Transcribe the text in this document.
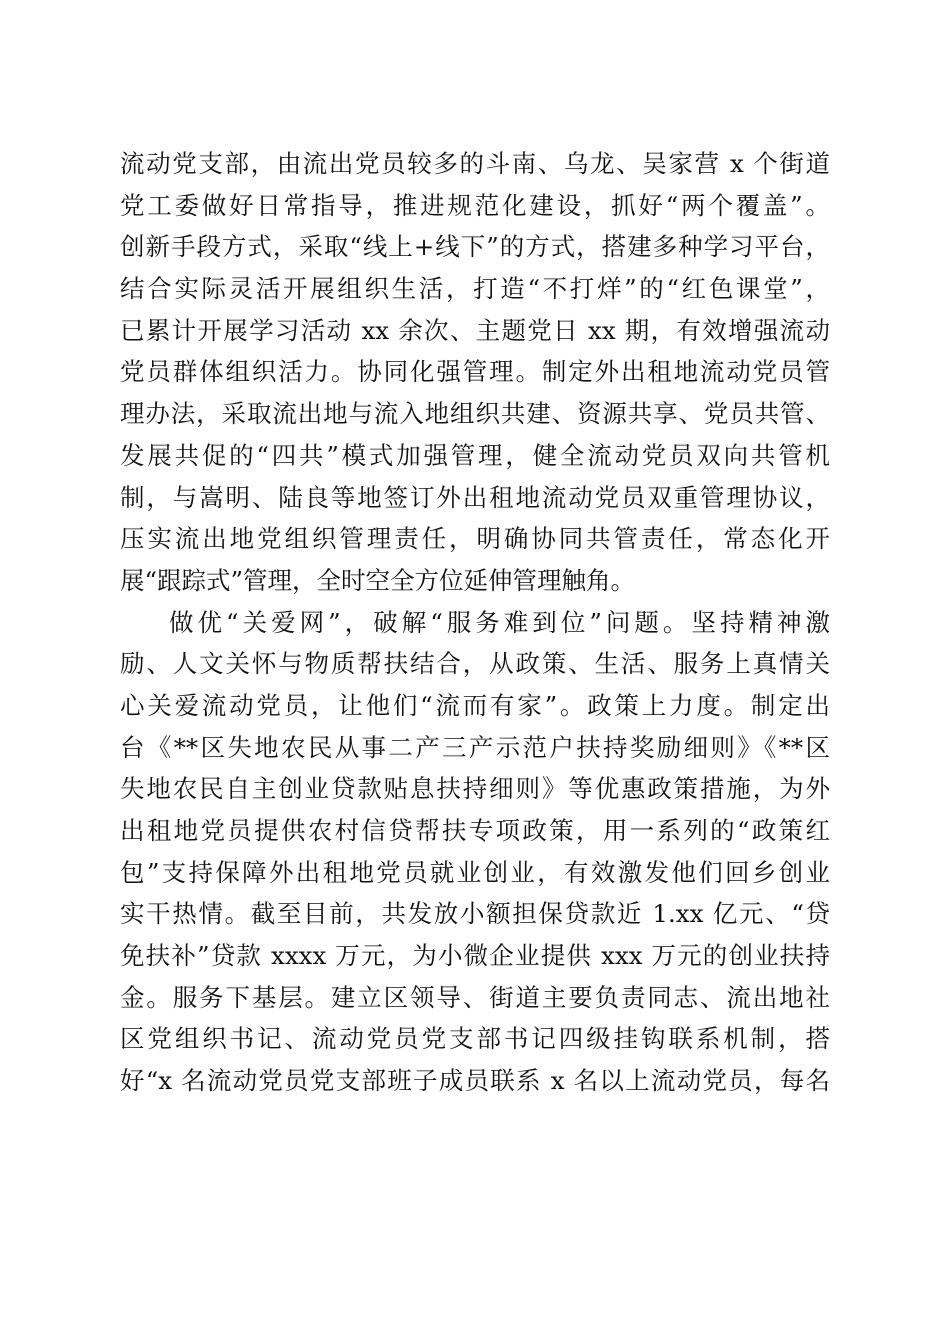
流动党支部，由流出党员较多的斗南、乌龙、吴家营 x 个街道
党工委做好日常指导，推进规范化建设，抓好“两个覆盖”。
创新手段方式，采取“线上+线下”的方式，搭建多种学习平台，
结合实际灵活开展组织生活，打造“不打烊”的“红色课堂”，
已累计开展学习活动 xx 余次、主题党日 xx 期，有效增强流动
党员群体组织活力。协同化强管理。制定外出租地流动党员管
理办法，采取流出地与流入地组织共建、资源共享、党员共管、
发展共促的“四共”模式加强管理，健全流动党员双向共管机
制，与嵩明、陆良等地签订外出租地流动党员双重管理协议，
压实流出地党组织管理责任，明确协同共管责任，常态化开
展“跟踪式”管理，全时空全方位延伸管理触角。
做优“关爱网”，破解“服务难到位”问题。坚持精神激
励、人文关怀与物质帮扶结合，从政策、生活、服务上真情关
心关爱流动党员，让他们“流而有家”。政策上力度。制定出
台《**区失地农民从事二产三产示范户扶持奖励细则》《**区
失地农民自主创业贷款贴息扶持细则》等优惠政策措施，为外
出租地党员提供农村信贷帮扶专项政策，用一系列的“政策红
包”支持保障外出租地党员就业创业，有效激发他们回乡创业
实干热情。截至目前，共发放小额担保贷款近 1.xx 亿元、“贷
免扶补”贷款 xxxx 万元，为小微企业提供 xxx 万元的创业扶持
金。服务下基层。建立区领导、街道主要负责同志、流出地社
区党组织书记、流动党员党支部书记四级挂钩联系机制，搭
好“x 名流动党员党支部班子成员联系 x 名以上流动党员，每名
